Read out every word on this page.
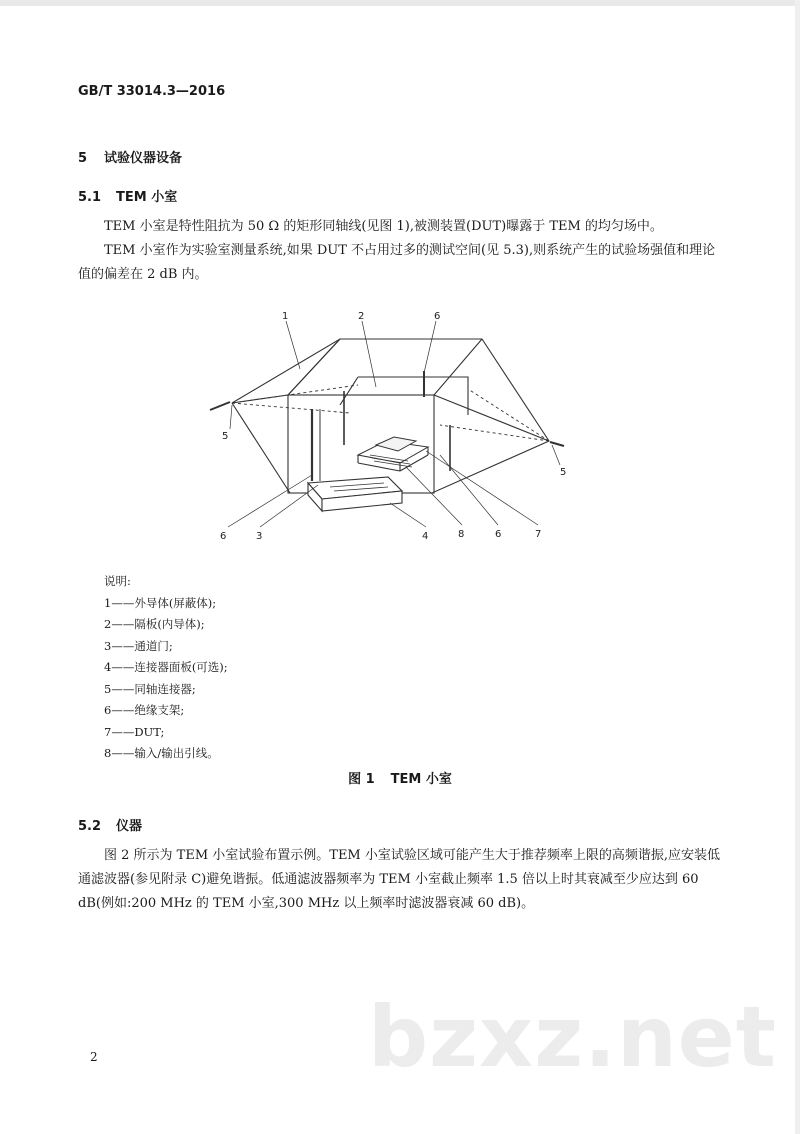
GB/T 33014.3—2016
5 试验仪器设备
5.1 TEM 小室

TEM 小室是特性阻抗为 50 Ω 的矩形同轴线(见图 1),被测装置(DUT)曝露于 TEM 的均匀场中。

TEM 小室作为实验室测量系统,如果 DUT 不占用过多的测试空间(见 5.3),则系统产生的试验场强值和理论值的偏差在 2 dB 内。

1	2	6
5
5
6	3	4	8	6	7
说明:
1——外导体(屏蔽体);
2——隔板(内导体);
3——通道门;
4——连接器面板(可选);
5——同轴连接器;
6——绝缘支架;
7——DUT;
8——输入/输出引线。
图 1 TEM 小室
5.2 仪器

图 2 所示为 TEM 小室试验布置示例。TEM 小室试验区域可能产生大于推荐频率上限的高频谐振,应安装低通滤波器(参见附录 C)避免谐振。低通滤波器频率为 TEM 小室截止频率 1.5 倍以上时其衰减至少应达到 60 dB(例如:200 MHz 的 TEM 小室,300 MHz 以上频率时滤波器衰减 60 dB)。

bzxz.net
2
